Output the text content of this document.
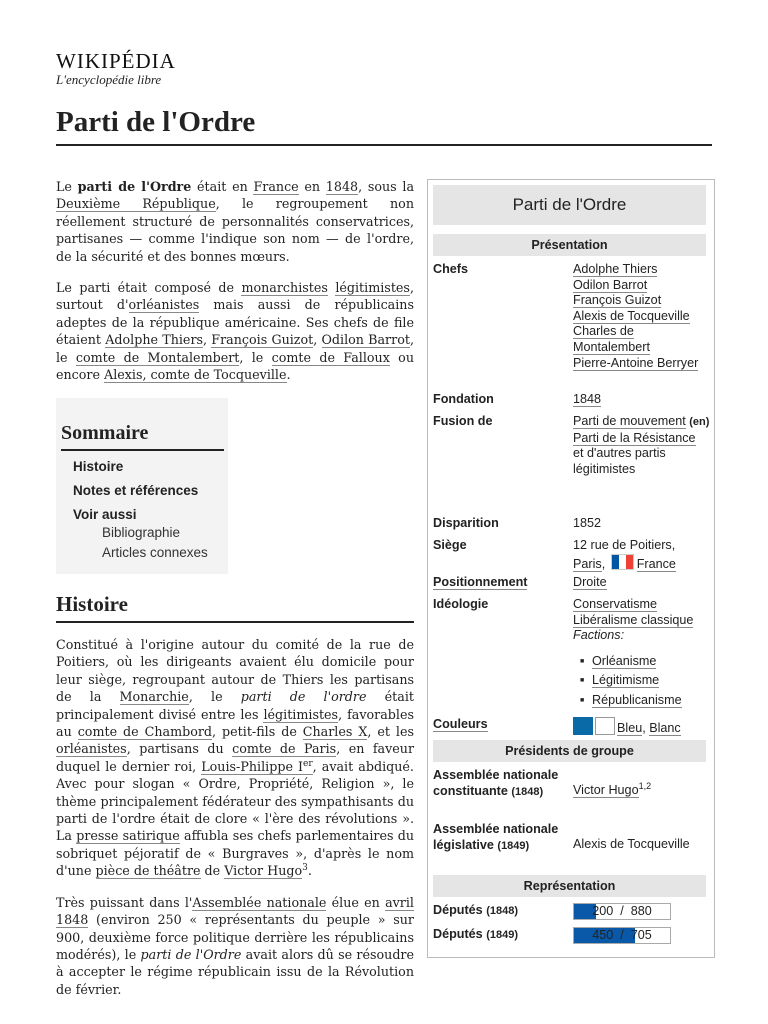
WIKIPÉDIA
L'encyclopédie libre
Parti de l'Ordre

Le parti de l'Ordre était en France en 1848, sous la Deuxième République, le regroupement non réellement structuré de personnalités conservatrices, partisanes — comme l'indique son nom — de l'ordre, de la sécurité et des bonnes mœurs.

Le parti était composé de monarchistes légitimistes, surtout d'orléanistes mais aussi de républicains adeptes de la république américaine. Ses chefs de file étaient Adolphe Thiers, François Guizot, Odilon Barrot, le comte de Montalembert, le comte de Falloux ou encore Alexis, comte de Tocqueville.

Sommaire
Histoire
Notes et références
Voir aussi
Bibliographie
Articles connexes
Histoire

Constitué à l'origine autour du comité de la rue de Poitiers, où les dirigeants avaient élu domicile pour leur siège, regroupant autour de Thiers les partisans de la Monarchie, le parti de l'ordre était principalement divisé entre les légitimistes, favorables au comte de Chambord, petit-fils de Charles X, et les orléanistes, partisans du comte de Paris, en faveur duquel le dernier roi, Louis-Philippe Ier, avait abdiqué. Avec pour slogan « Ordre, Propriété, Religion », le thème principalement fédérateur des sympathisants du parti de l'ordre était de clore « l'ère des révolutions ». La presse satirique affubla ses chefs parlementaires du sobriquet péjoratif de « Burgraves », d'après le nom d'une pièce de théâtre de Victor Hugo$^3$.

Très puissant dans l'Assemblée nationale élue en avril 1848 (environ 250 « représentants du peuple » sur 900, deuxième force politique derrière les républicains modérés), le parti de l'Ordre avait alors dû se résoudre à accepter le régime républicain issu de la Révolution de février.

Parti de l'Ordre
Présentation
Chefs	Adolphe Thiers
Odilon Barrot
François Guizot
Alexis de Tocqueville
Charles de Montalembert
Pierre-Antoine Berryer
Fondation	1848
Fusion de	Parti de mouvement (en)
Parti de la Résistance
et d'autres partis légitimistes
Disparition	1852
Siège	12 rue de Poitiers,
Paris, France
Positionnement	Droite
Idéologie	Conservatisme
Libéralisme classique
Factions:
■ Orléanisme
■ Légitimisme
■ Républicanisme
Couleurs	Bleu, Blanc
Présidents de groupe
Assemblée nationale constituante (1848)	Victor Hugo$^{1,2}$
Assemblée nationale législative (1849)	Alexis de Tocqueville
Représentation
Députés (1848)	200  /  880
Députés (1849)	450  /  705
